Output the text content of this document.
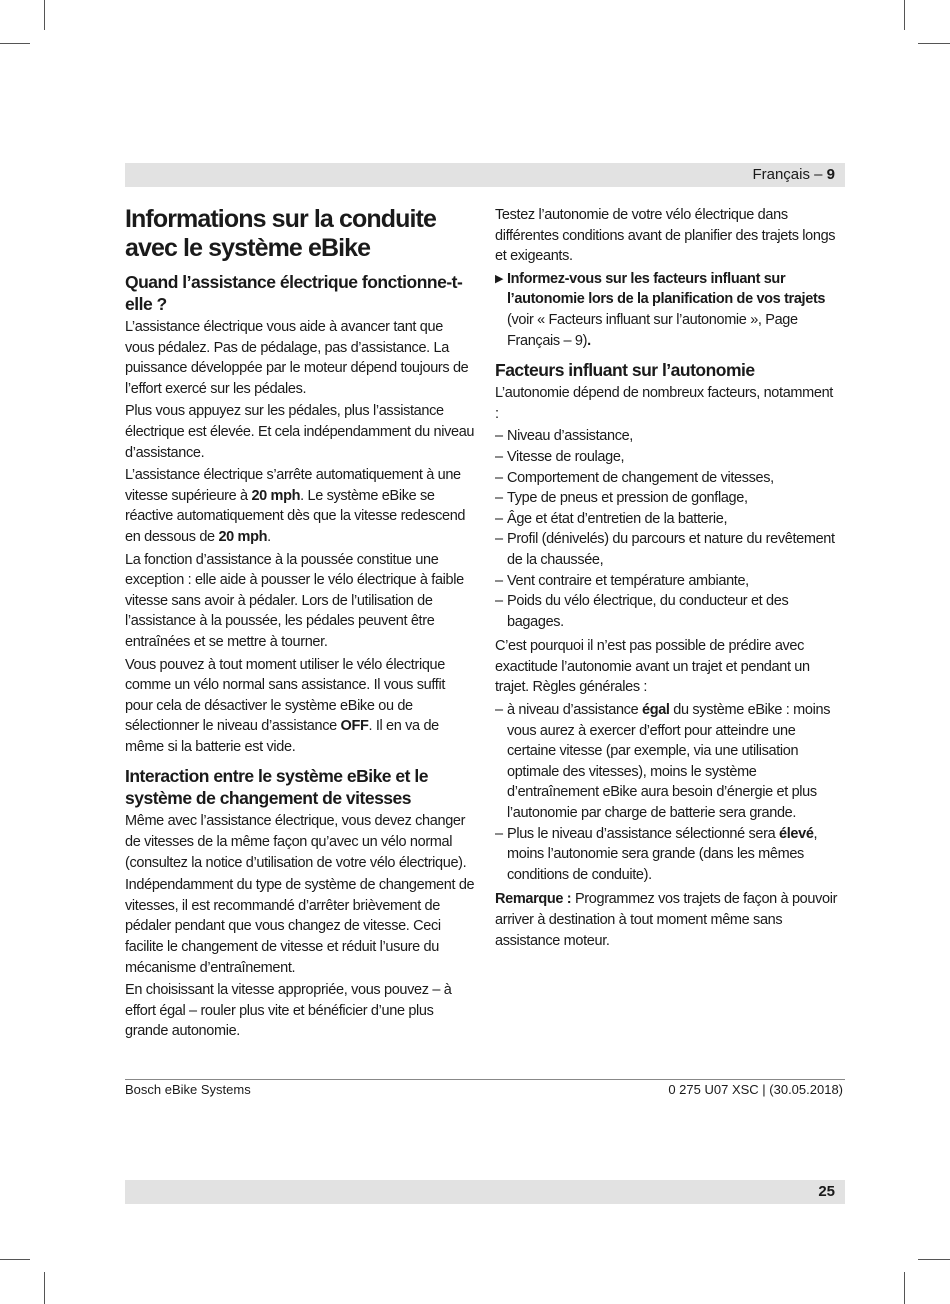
Français – 9
Informations sur la conduite avec le système eBike
Quand l’assistance électrique fonctionne-t-elle ?

L’assistance électrique vous aide à avancer tant que vous pédalez. Pas de pédalage, pas d’assistance. La puissance développée par le moteur dépend toujours de l’effort exercé sur les pédales.

Plus vous appuyez sur les pédales, plus l’assistance électrique est élevée. Et cela indépendamment du niveau d’assistance.

L’assistance électrique s’arrête automatiquement à une vitesse supérieure à 20 mph. Le système eBike se réactive automatiquement dès que la vitesse redescend en dessous de 20 mph.

La fonction d’assistance à la poussée constitue une exception : elle aide à pousser le vélo électrique à faible vitesse sans avoir à pédaler. Lors de l’utilisation de l’assistance à la poussée, les pédales peuvent être entraînées et se mettre à tourner.

Vous pouvez à tout moment utiliser le vélo électrique comme un vélo normal sans assistance. Il vous suffit pour cela de désactiver le système eBike ou de sélectionner le niveau d’assistance OFF. Il en va de même si la batterie est vide.

Interaction entre le système eBike et le système de changement de vitesses

Même avec l’assistance électrique, vous devez changer de vitesses de la même façon qu’avec un vélo normal (consultez la notice d’utilisation de votre vélo électrique).

Indépendamment du type de système de changement de vitesses, il est recommandé d’arrêter brièvement de pédaler pendant que vous changez de vitesse. Ceci facilite le changement de vitesse et réduit l’usure du mécanisme d’entraînement.

En choisissant la vitesse appropriée, vous pouvez – à effort égal – rouler plus vite et bénéficier d’une plus grande autonomie.

Testez l’autonomie de votre vélo électrique dans différentes conditions avant de planifier des trajets longs et exigeants.

▶ Informez-vous sur les facteurs influant sur l’autonomie lors de la planification de vos trajets (voir « Facteurs influant sur l’autonomie », Page Français – 9).
Facteurs influant sur l’autonomie

L’autonomie dépend de nombreux facteurs, notamment :

– Niveau d’assistance,
– Vitesse de roulage,
– Comportement de changement de vitesses,
– Type de pneus et pression de gonflage,
– Âge et état d’entretien de la batterie,
– Profil (dénivelés) du parcours et nature du revêtement de la chaussée,
– Vent contraire et température ambiante,
– Poids du vélo électrique, du conducteur et des bagages.

C’est pourquoi il n’est pas possible de prédire avec exactitude l’autonomie avant un trajet et pendant un trajet. Règles générales :

– à niveau d’assistance égal du système eBike : moins vous aurez à exercer d’effort pour atteindre une certaine vitesse (par exemple, via une utilisation optimale des vitesses), moins le système d’entraînement eBike aura besoin d’énergie et plus l’autonomie par charge de batterie sera grande.
– Plus le niveau d’assistance sélectionné sera élevé, moins l’autonomie sera grande (dans les mêmes conditions de conduite).

Remarque : Programmez vos trajets de façon à pouvoir arriver à destination à tout moment même sans assistance moteur.

Bosch eBike Systems	0 275 U07 XSC | (30.05.2018)
25
